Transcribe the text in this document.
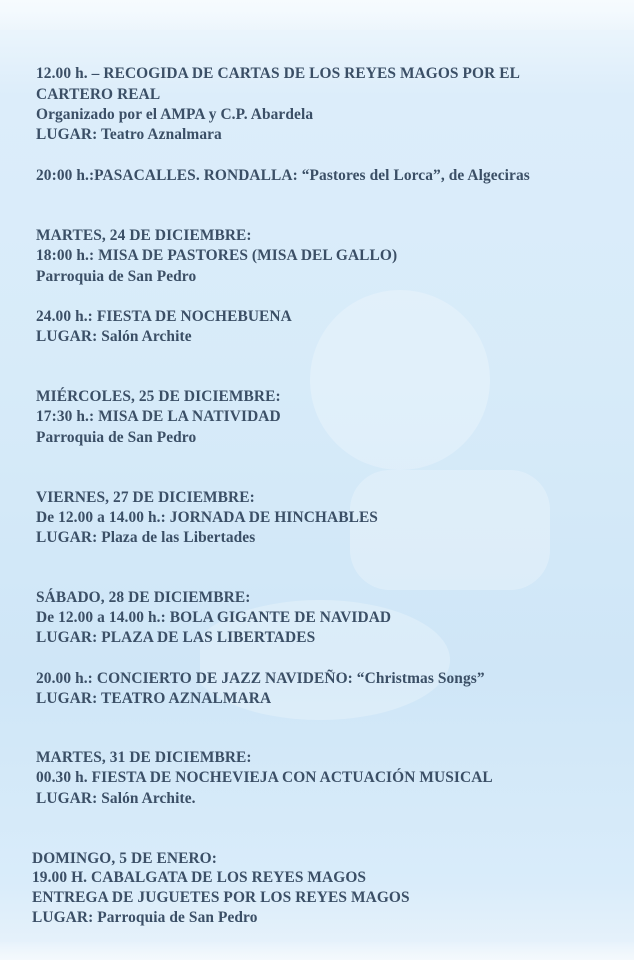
12.00 h. – RECOGIDA DE CARTAS DE LOS REYES MAGOS POR EL
CARTERO REAL
Organizado por el AMPA y C.P. Abardela
LUGAR: Teatro Aznalmara
20:00 h.:PASACALLES. RONDALLA: “Pastores del Lorca”, de Algeciras
MARTES, 24 DE DICIEMBRE:
18:00 h.: MISA DE PASTORES (MISA DEL GALLO)
Parroquia de San Pedro
24.00 h.: FIESTA DE NOCHEBUENA
LUGAR: Salón Archite
MIÉRCOLES, 25 DE DICIEMBRE:
17:30 h.: MISA DE LA NATIVIDAD
Parroquia de San Pedro
VIERNES, 27 DE DICIEMBRE:
De 12.00 a 14.00 h.: JORNADA DE HINCHABLES
LUGAR: Plaza de las Libertades
SÁBADO, 28 DE DICIEMBRE:
De 12.00 a 14.00 h.: BOLA GIGANTE DE NAVIDAD
LUGAR: PLAZA DE LAS LIBERTADES
20.00 h.: CONCIERTO DE JAZZ NAVIDEÑO: “Christmas Songs”
LUGAR: TEATRO AZNALMARA
MARTES, 31 DE DICIEMBRE:
00.30 h. FIESTA DE NOCHEVIEJA CON ACTUACIÓN MUSICAL
LUGAR: Salón Archite.
DOMINGO, 5 DE ENERO:
19.00 H. CABALGATA DE LOS REYES MAGOS
ENTREGA DE JUGUETES POR LOS REYES MAGOS
LUGAR: Parroquia de San Pedro
